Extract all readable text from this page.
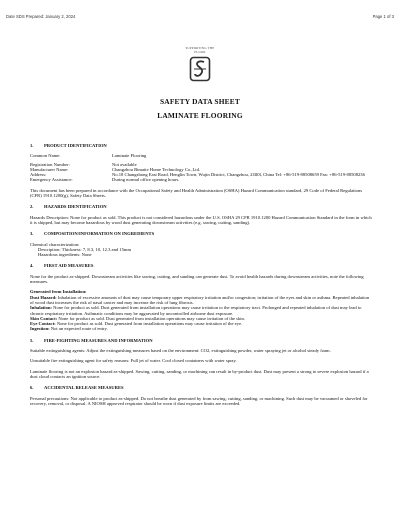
Date SDS Prepared: January 2, 2024	Page 1 of 3
SUPPORTING THE
FLOOR
SAFETY DATA SHEET
LAMINATE FLOORING
1.	PRODUCT IDENTIFICATION
Common Name:	Laminate Flooring
Registration Number:	Not available
Manufacturer Name:	Changzhou Bimaite Home Technology Co.,Ltd.
Address:	No.18 Changzhong East Road, Henglin Town, Wujin District, Changzhou, 2l3l0l, China Tel: +86-519-88508659 Fax: +86-519-88508236
Emergency Assistance:	During normal office opening hours.

This document has been prepared in accordance with the Occupational Safety and Health Administration (OSHA) Hazard Communication standard, 29 Code of Federal Regulations (CFR) 1910.1200(g), Safety Data Sheets.

2.	HAZARDS IDENTIFICATION

Hazards Description: None for product as sold. This product is not considered hazardous under the U.S. OSHA 29 CFR 1910.1200 Hazard Communication Standard in the form in which it is shipped, but may become hazardous by wood dust generating downstream activities (e.g. sawing, cutting, sanding).

3.	COMPOSITION/INFORMATION ON INGREDIENTS

Chemical characterization:

Description: Thickness: 7, 8.3, 10, 12.3 and 15mm

Hazardous ingredients: None

4.	FIRST AID MEASURES

None for the product as-shipped. Downstream activities like sawing, cutting, and sanding can generate dust. To avoid health hazards during downstream activities, note the following measures.

Generated from Installation:

Dust Hazard: Inhalation of excessive amounts of dust may cause temporary upper respiratory irritation and/or congestion; irritation of the eyes and skin or asthma. Repeated inhalation of wood dust increases the risk of nasal cancer and may increase the risk of lung fibrosis.

Inhalation: None for product as sold. Dust generated from installation operations may cause irritation to the respiratory tract. Prolonged and repeated inhalation of dust may lead to chronic respiratory irritation. Asthmatic conditions may be aggravated by uncontrolled airborne dust exposure.

Skin Contact: None for product as sold. Dust generated from installation operations may cause irritation of the skin.

Eye Contact: None for product as sold. Dust generated from installation operations may cause irritation of the eye.

Ingestion: Not an expected route of entry.

5.	FIRE-FIGHTING MEASURES AND INFORMATION

Suitable extinguishing agents: Adjust the extinguishing measures based on the environment: CO2, extinguishing powder, water spraying jet or alcohol steady foam.

Unsuitable fire extinguishing agent for safety reasons: Full jet of water. Cool closed containers with water spray.

Laminate flooring is not an explosion hazard as-shipped. Sawing, cutting, sanding, or machining can result in by-product dust. Dust may present a strong to severe explosion hazard if a dust cloud contacts an ignition source.

6.	ACCIDENTAL RELEASE MEASURES

Personal precautions: Not applicable to product as-shipped. Do not breathe dust generated by from sawing, cutting, sanding, or machining. Such dust may be vacuumed or shoveled for recovery, removal, or disposal. A NIOSH approved respirator should be worn if dust exposure limits are exceeded.
